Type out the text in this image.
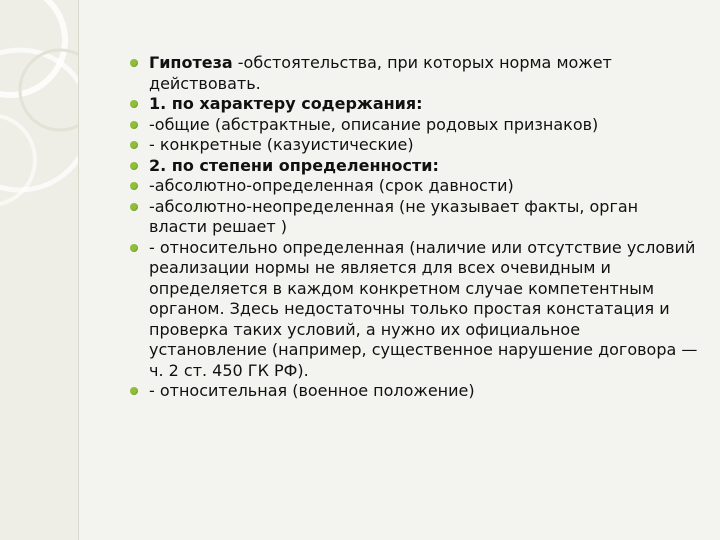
Гипотеза -обстоятельства, при которых норма может действовать.
1. по характеру содержания:
-общие (абстрактные, описание родовых признаков)
- конкретные (казуистические)
2. по степени определенности:
-абсолютно-определенная (срок давности)
-абсолютно-неопределенная (не указывает факты, орган власти решает )
- относительно определенная (наличие или отсутствие условий реализации нормы не является для всех очевидным и определяется в каждом конкретном случае компетентным органом. Здесь недостаточны только простая констатация и проверка таких условий, а нужно их официальное установление (например, существенное нарушение договора — ч. 2 ст. 450 ГК РФ).
- относительная (военное положение)
